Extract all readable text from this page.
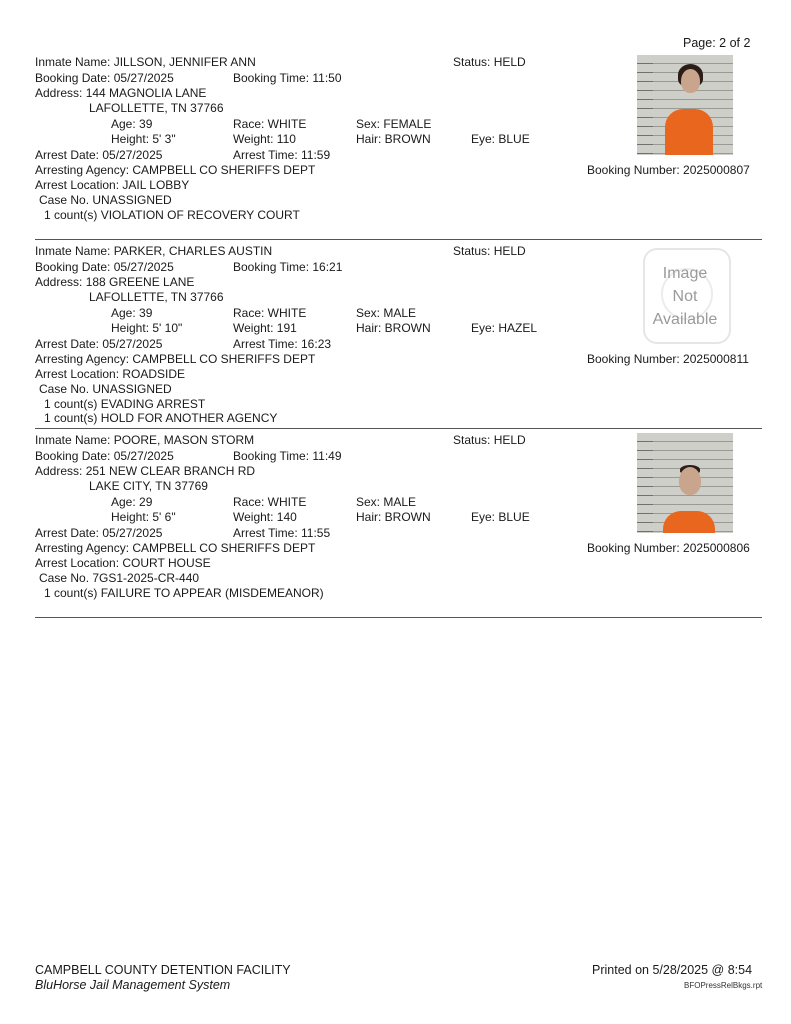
Page: 2 of 2
Inmate Name: JILLSON, JENNIFER ANN	Status: HELD
Booking Date: 05/27/2025	Booking Time: 11:50
Address: 144 MAGNOLIA LANE
LAFOLLETTE, TN 37766
Age: 39	Race: WHITE	Sex: FEMALE
Height: 5' 3"	Weight: 110	Hair: BROWN	Eye: BLUE
Arrest Date: 05/27/2025	Arrest Time: 11:59
Arresting Agency: CAMPBELL CO SHERIFFS DEPT	Booking Number: 2025000807
Arrest Location: JAIL LOBBY
Case No. UNASSIGNED
1 count(s) VIOLATION OF RECOVERY COURT
Inmate Name: PARKER, CHARLES AUSTIN	Status: HELD
Booking Date: 05/27/2025	Booking Time: 16:21
Address: 188 GREENE LANE
LAFOLLETTE, TN 37766
Age: 39	Race: WHITE	Sex: MALE
Height: 5' 10"	Weight: 191	Hair: BROWN	Eye: HAZEL
Arrest Date: 05/27/2025	Arrest Time: 16:23
Arresting Agency: CAMPBELL CO SHERIFFS DEPT	Booking Number: 2025000811
Arrest Location: ROADSIDE
Case No. UNASSIGNED
1 count(s) EVADING ARREST
1 count(s) HOLD FOR ANOTHER AGENCY
Image
Not
Available
Inmate Name: POORE, MASON STORM	Status: HELD
Booking Date: 05/27/2025	Booking Time: 11:49
Address: 251 NEW CLEAR BRANCH RD
LAKE CITY, TN 37769
Age: 29	Race: WHITE	Sex: MALE
Height: 5' 6"	Weight: 140	Hair: BROWN	Eye: BLUE
Arrest Date: 05/27/2025	Arrest Time: 11:55
Arresting Agency: CAMPBELL CO SHERIFFS DEPT	Booking Number: 2025000806
Arrest Location: COURT HOUSE
Case No. 7GS1-2025-CR-440
1 count(s) FAILURE TO APPEAR (MISDEMEANOR)
CAMPBELL COUNTY DETENTION FACILITY
BluHorse Jail Management System
Printed on 5/28/2025 @ 8:54
BFOPressRelBkgs.rpt
